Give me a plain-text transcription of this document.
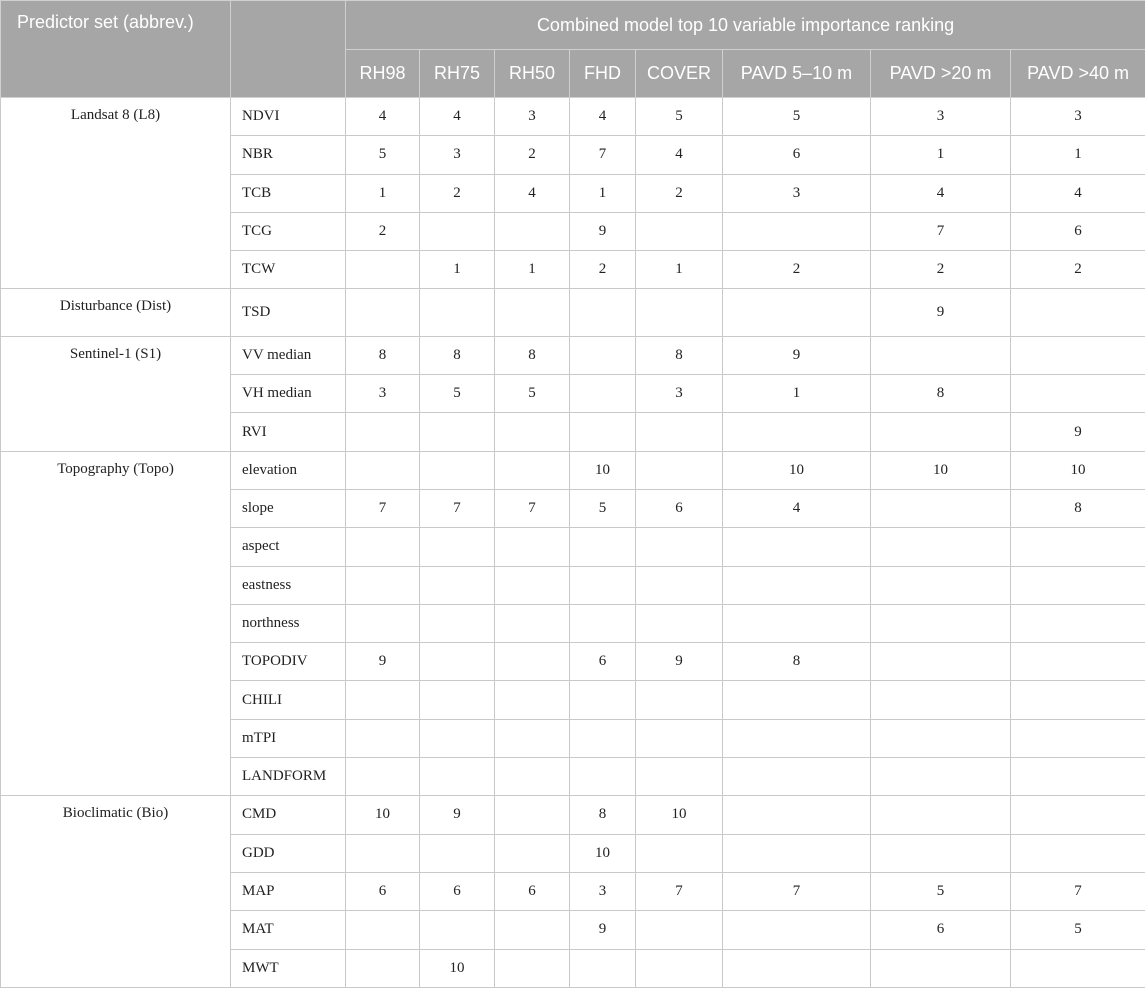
Predictor set (abbrev.)		Combined model top 10 variable importance ranking							
		RH98	RH75	RH50	FHD	COVER	PAVD 5–10 m	PAVD >20 m	PAVD >40 m
Landsat 8 (L8)	NDVI	4	4	3	4	5	5	3	3
	NBR	5	3	2	7	4	6	1	1
	TCB	1	2	4	1	2	3	4	4
	TCG	2			9			7	6
	TCW		1	1	2	1	2	2	2
Disturbance (Dist)	TSD							9	
Sentinel-1 (S1)	VV median	8	8	8		8	9		
	VH median	3	5	5		3	1	8	
	RVI								9
Topography (Topo)	elevation				10		10	10	10
	slope	7	7	7	5	6	4		8
	aspect								
	eastness								
	northness								
	TOPODIV	9			6	9	8		
	CHILI								
	mTPI								
	LANDFORM								
Bioclimatic (Bio)	CMD	10	9		8	10			
	GDD				10				
	MAP	6	6	6	3	7	7	5	7
	MAT				9			6	5
	MWT		10						
